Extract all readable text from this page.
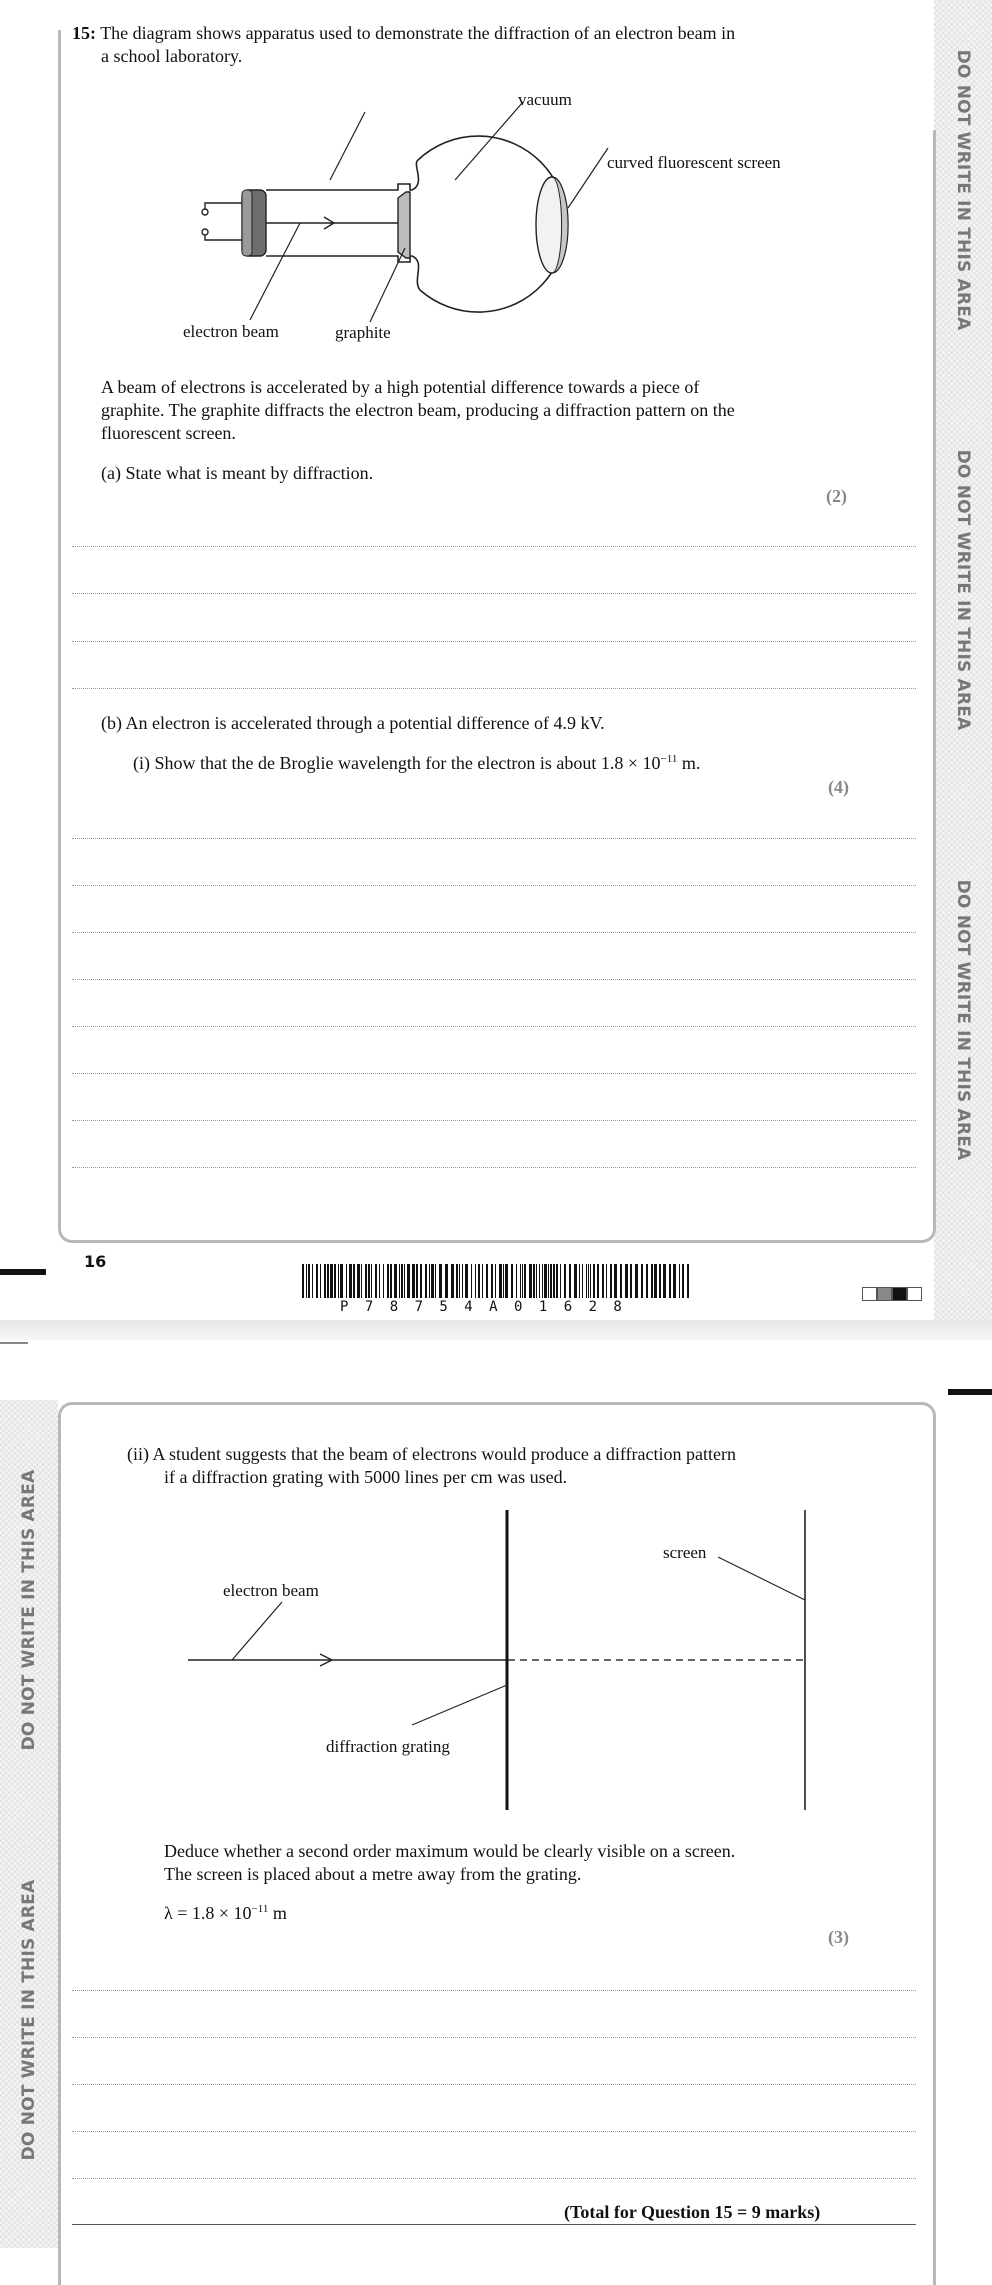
DO NOT WRITE IN THIS AREA
DO NOT WRITE IN THIS AREA
DO NOT WRITE IN THIS AREA
15: The diagram shows apparatus used to demonstrate the diffraction of an electron beam in
a school laboratory.
vacuum
curved fluorescent screen
electron beam	graphite
A beam of electrons is accelerated by a high potential difference towards a piece of
graphite. The graphite diffracts the electron beam, producing a diffraction pattern on the
fluorescent screen.
(a) State what is meant by diffraction.
(2)
(b) An electron is accelerated through a potential difference of 4.9 kV.
(i) Show that the de Broglie wavelength for the electron is about $1.8 \times 10^{-11}$ m.
(4)
16
P 7 8 7 5 4 A 0 1 6 2 8
DO NOT WRITE IN THIS AREA
DO NOT WRITE IN THIS AREA
(ii) A student suggests that the beam of electrons would produce a diffraction pattern
if a diffraction grating with 5000 lines per cm was used.
screen
electron beam
diffraction grating
Deduce whether a second order maximum would be clearly visible on a screen.
The screen is placed about a metre away from the grating.
$\lambda = 1.8 \times 10^{-11}$ m
(3)
(Total for Question 15 = 9 marks)
